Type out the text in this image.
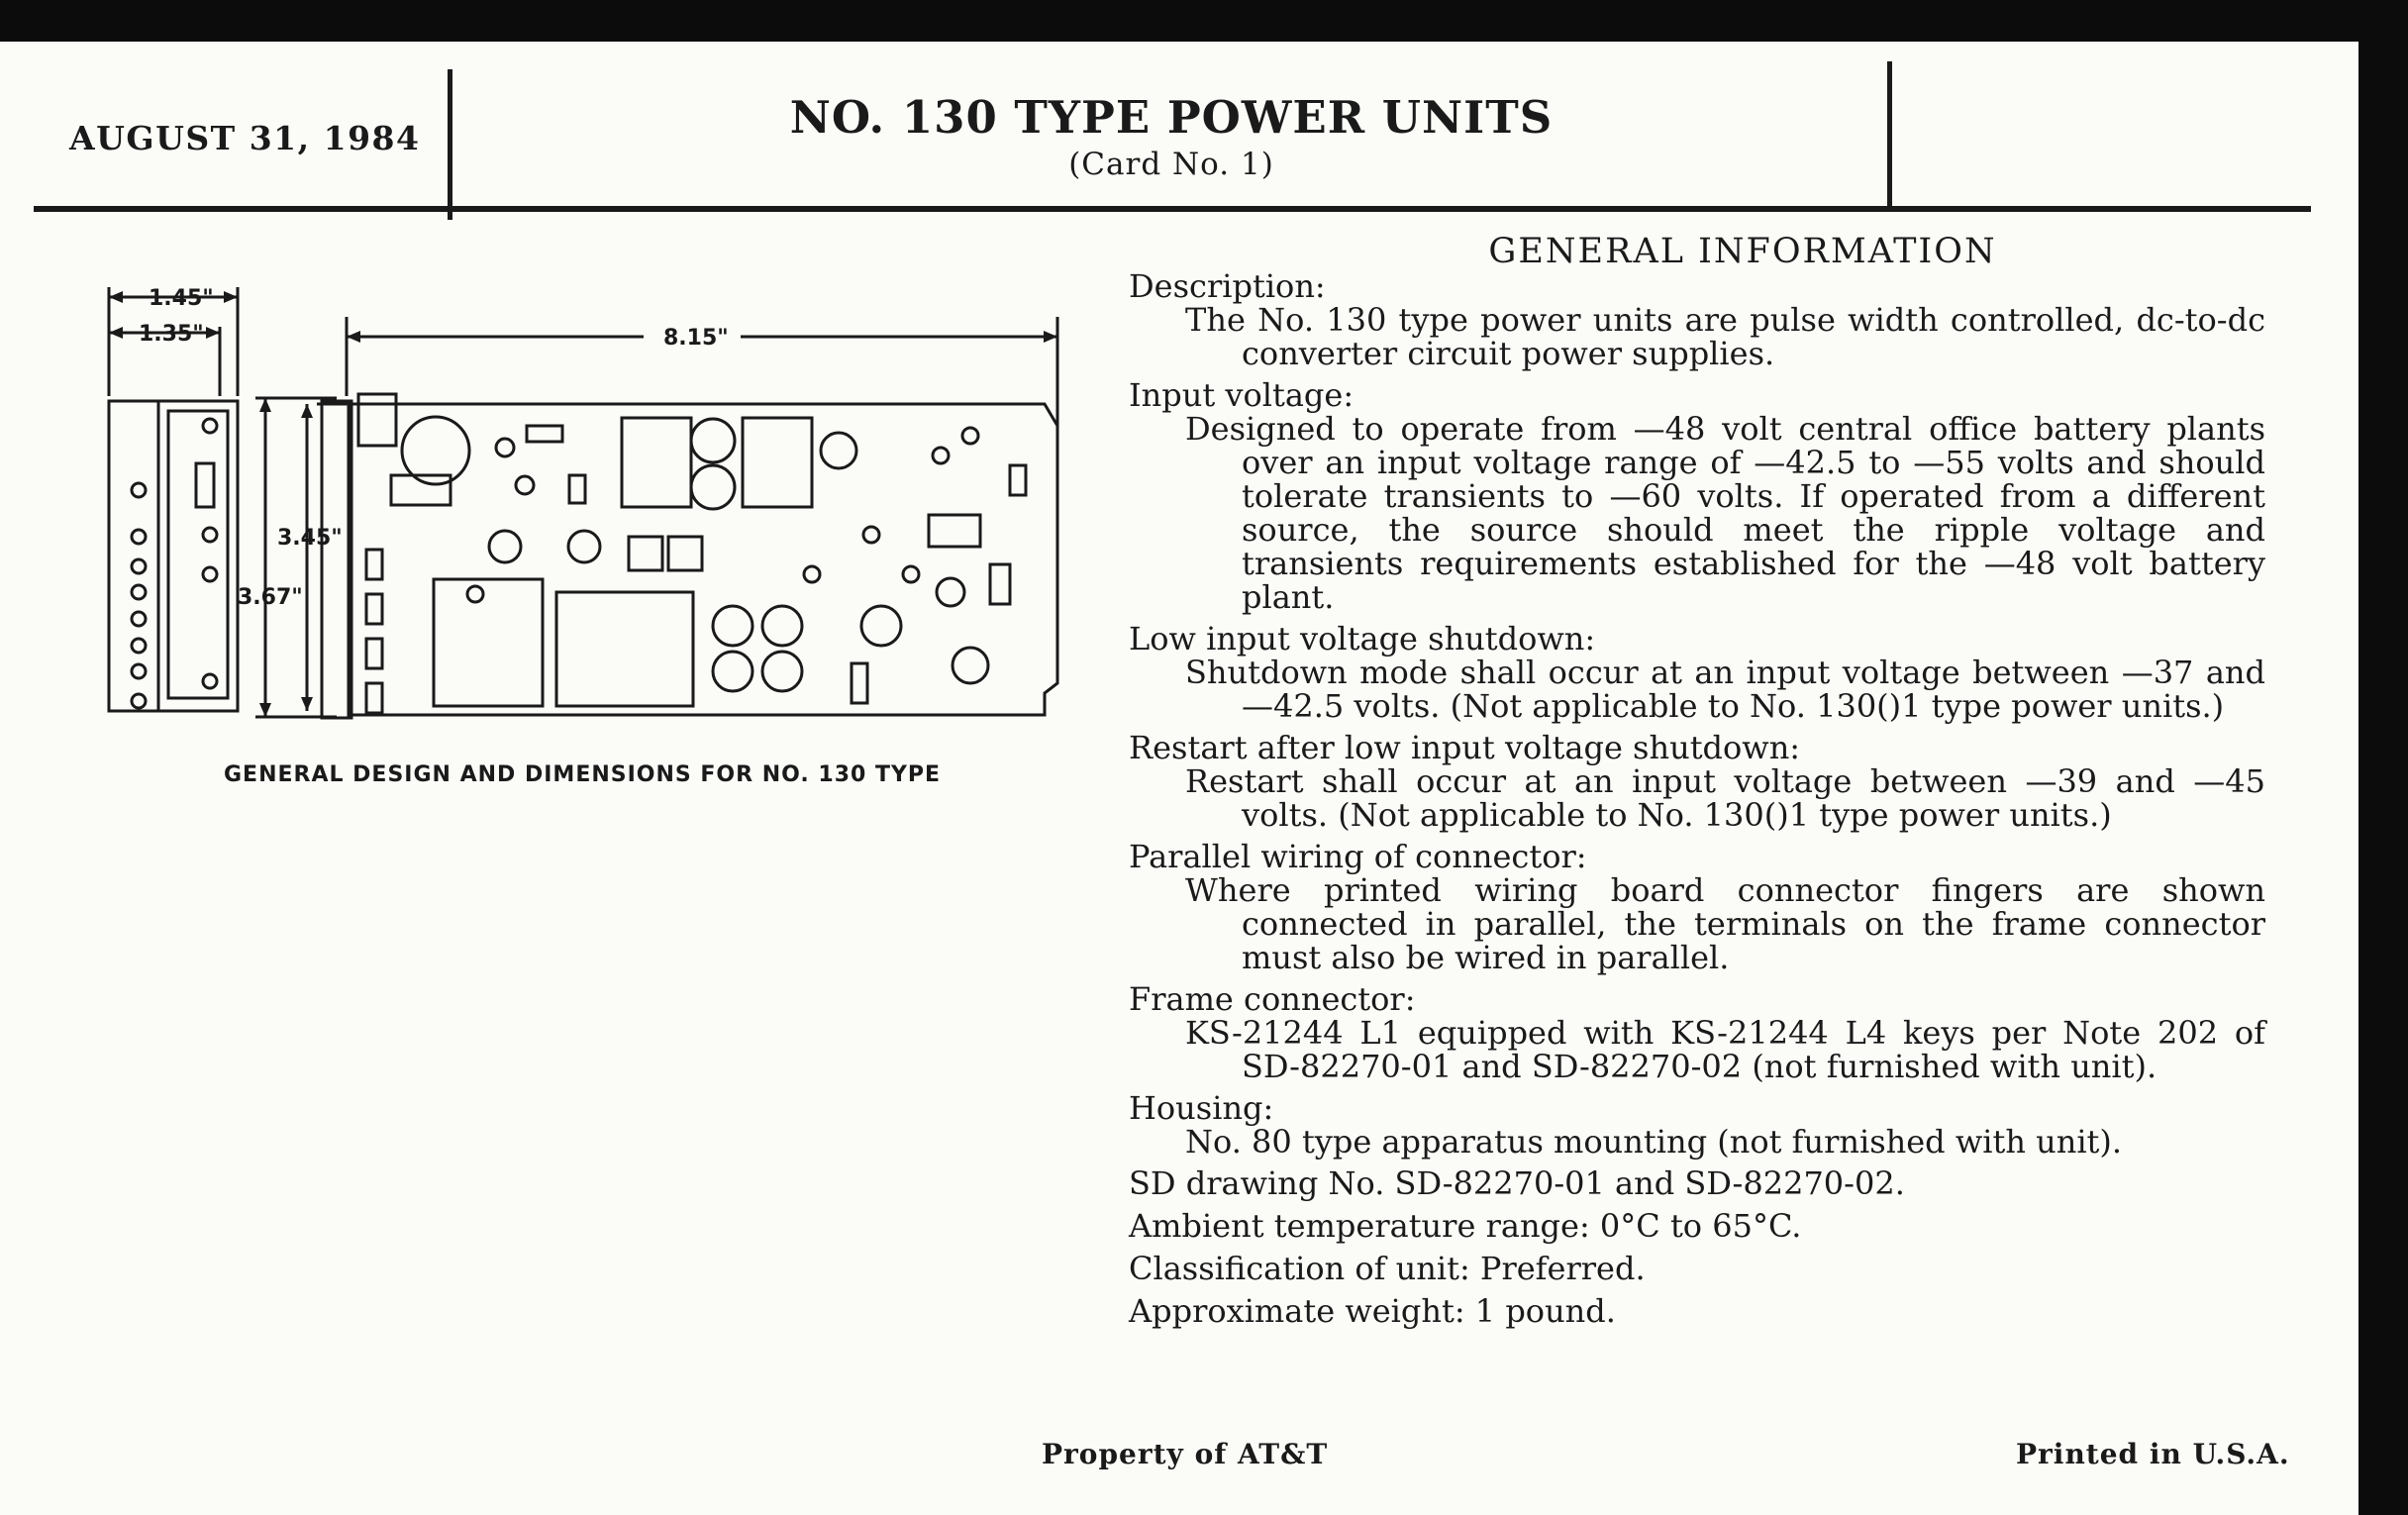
AUGUST 31, 1984	NO. 130 TYPE POWER UNITS
(Card No. 1)
GENERAL INFORMATION

Description:

The No. 130 type power units are pulse width controlled, dc-to-dc converter circuit power supplies.

Input voltage:

Designed to operate from —48 volt central office battery plants over an input voltage range of —42.5 to —55 volts and should tolerate transients to —60 volts. If operated from a different source, the source should meet the ripple voltage and transients requirements established for the —48 volt battery plant.

Low input voltage shutdown:

Shutdown mode shall occur at an input voltage between —37 and —42.5 volts. (Not applicable to No. 130()1 type power units.)

Restart after low input voltage shutdown:

Restart shall occur at an input voltage between —39 and —45 volts. (Not applicable to No. 130()1 type power units.)

Parallel wiring of connector:

Where printed wiring board connector fingers are shown connected in parallel, the terminals on the frame connector must also be wired in parallel.

Frame connector:

KS-21244 L1 equipped with KS-21244 L4 keys per Note 202 of SD-82270-01 and SD-82270-02 (not furnished with unit).

Housing:

No. 80 type apparatus mounting (not furnished with unit).

SD drawing No. SD-82270-01 and SD-82270-02.

Ambient temperature range: 0°C to 65°C.

Classification of unit: Preferred.

Approximate weight: 1 pound.

1.45"
1.35"	8.15"
3.45"
3.67"
GENERAL DESIGN AND DIMENSIONS FOR NO. 130 TYPE
Property of AT&T	Printed in U.S.A.
